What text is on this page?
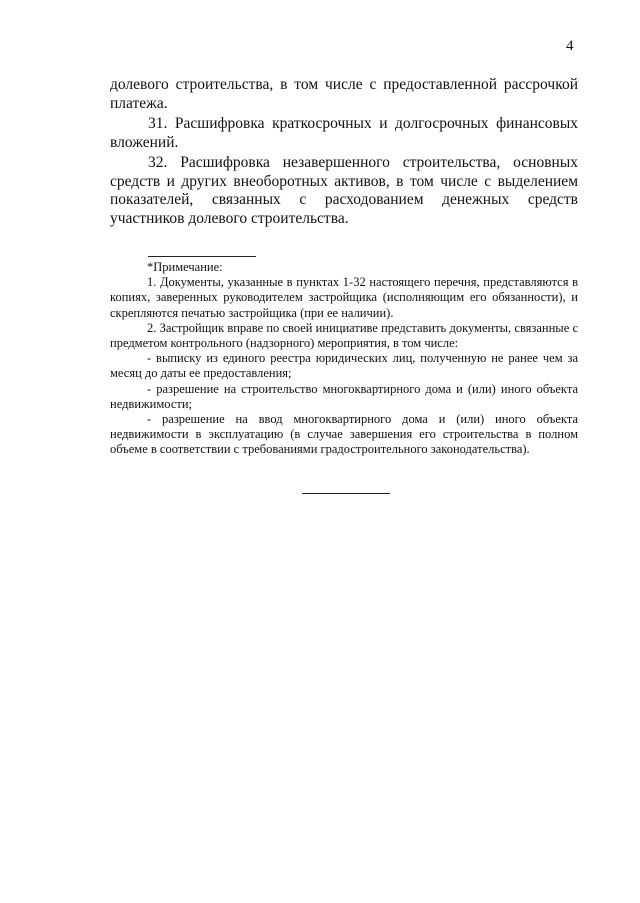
4

долевого строительства, в том числе с предоставленной рассрочкой платежа.

31. Расшифровка краткосрочных и долгосрочных финансовых вложений.

32. Расшифровка незавершенного строительства, основных средств и других внеоборотных активов, в том числе с выделением показателей, связанных с расходованием денежных средств участников долевого строительства.

*Примечание:

1. Документы, указанные в пунктах 1-32 настоящего перечня, представляются в копиях, заверенных руководителем застройщика (исполняющим его обязанности), и скрепляются печатью застройщика (при ее наличии).

2. Застройщик вправе по своей инициативе представить документы, связанные с предметом контрольного (надзорного) мероприятия, в том числе:

- выписку из единого реестра юридических лиц, полученную не ранее чем за месяц до даты ее предоставления;

- разрешение на строительство многоквартирного дома и (или) иного объекта недвижимости;

- разрешение на ввод многоквартирного дома и (или) иного объекта недвижимости в эксплуатацию (в случае завершения его строительства в полном объеме в соответствии с требованиями градостроительного законодательства).
